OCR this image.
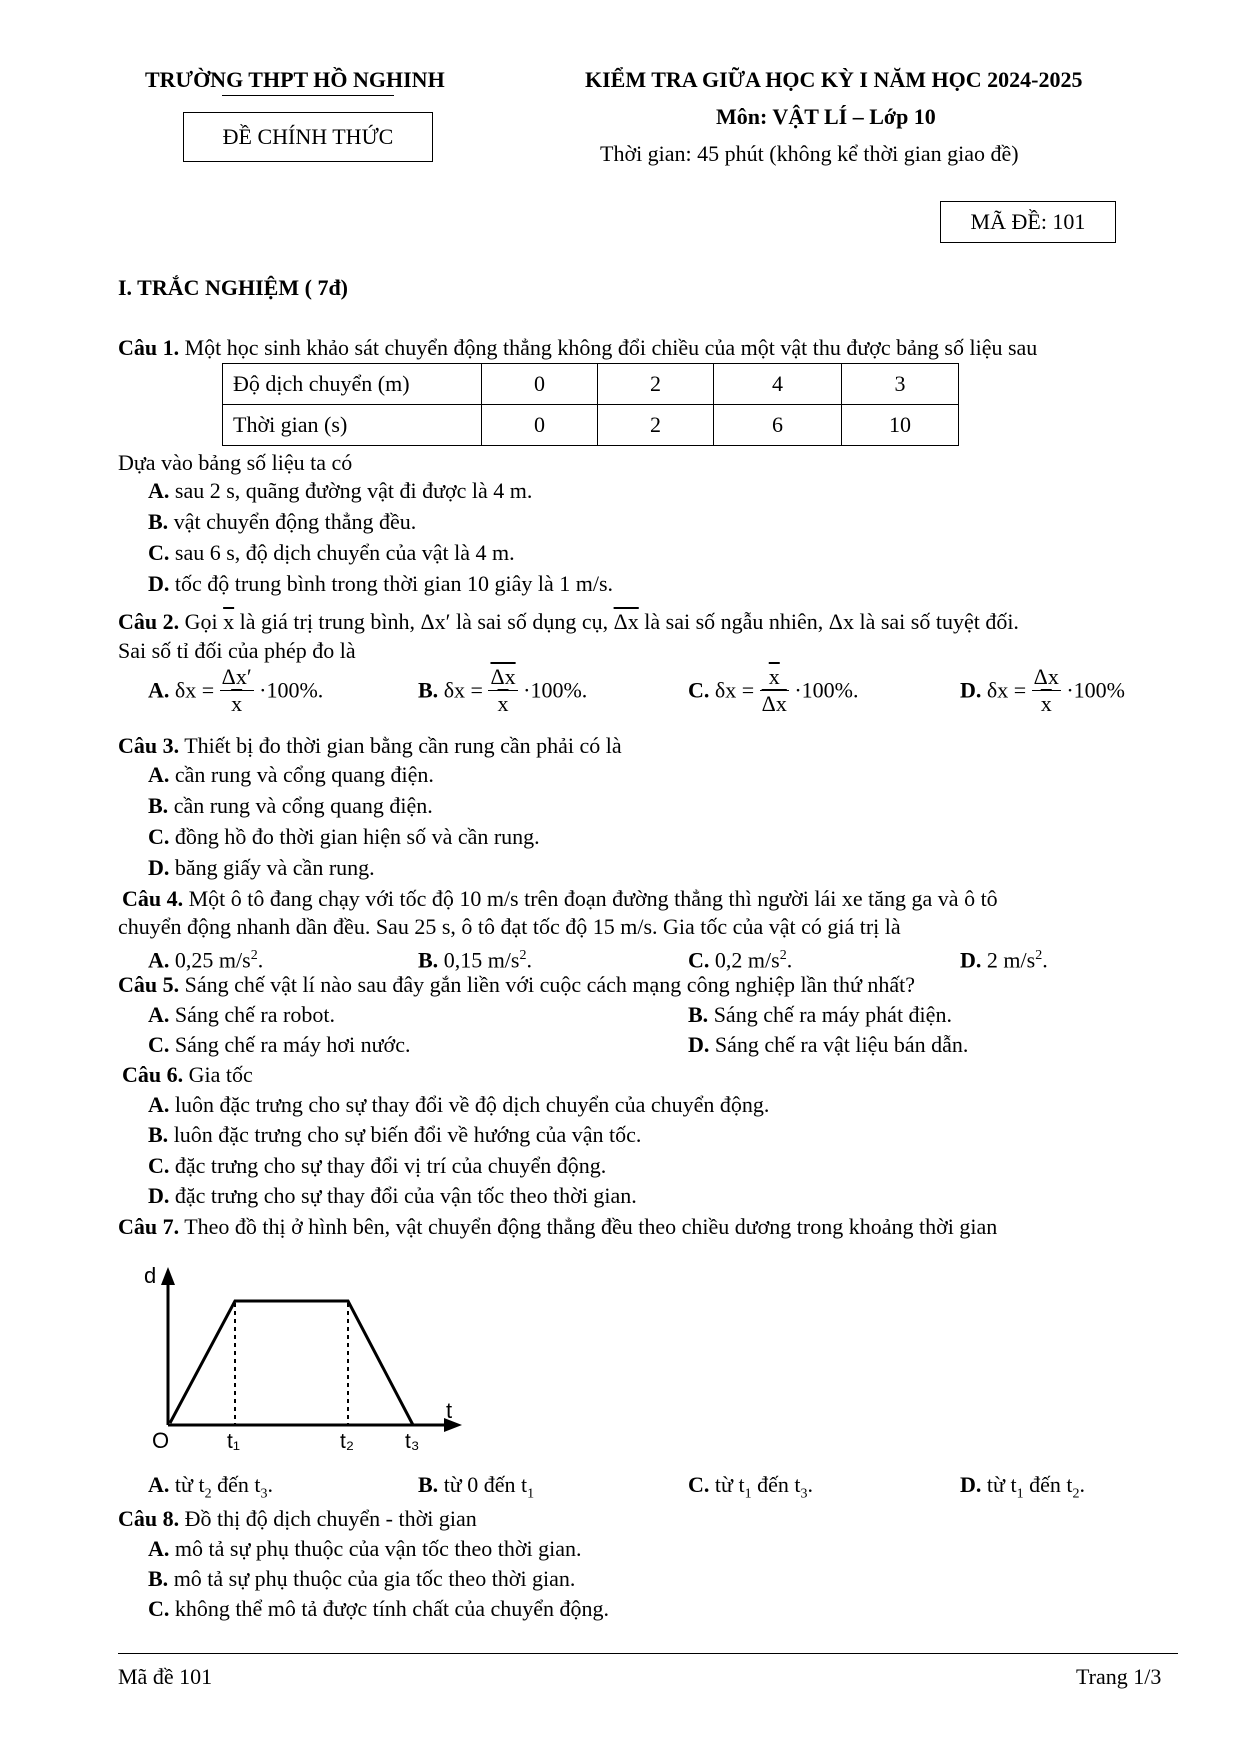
TRƯỜNG THPT HỒ NGHINH
ĐỀ CHÍNH THỨC
KIỂM TRA GIỮA HỌC KỲ I NĂM HỌC 2024-2025
Môn: VẬT LÍ – Lớp 10
Thời gian: 45 phút (không kể thời gian giao đề)
MÃ ĐỀ: 101
I. TRẮC NGHIỆM ( 7đ)
Câu 1. Một học sinh khảo sát chuyển động thẳng không đổi chiều của một vật thu được bảng số liệu sau
Độ dịch chuyển (m)	0	2	4	3
Thời gian (s)	0	2	6	10
Dựa vào bảng số liệu ta có
A. sau 2 s, quãng đường vật đi được là 4 m.
B. vật chuyển động thẳng đều.
C. sau 6 s, độ dịch chuyển của vật là 4 m.
D. tốc độ trung bình trong thời gian 10 giây là 1 m/s.
Câu 2. Gọi $\overline{x}$ là giá trị trung bình, Δx′ là sai số dụng cụ, $\overline{\Delta x}$ là sai số ngẫu nhiên, Δx là sai số tuyệt đối.
Sai số tỉ đối của phép đo là
A. $\delta x = \frac{\Delta x'}{x} \cdot 100\%$.	B. $\delta x = \frac{\overline{\Delta x}}{x} \cdot 100\%$.	C. $\delta x = \frac{\overline{x}}{\Delta x} \cdot 100\%$.	D. $\delta x = \frac{\Delta x}{x} \cdot 100\%$
Câu 3. Thiết bị đo thời gian bằng cần rung cần phải có là
A. cần rung và cổng quang điện.
B. cần rung và cổng quang điện.
C. đồng hồ đo thời gian hiện số và cần rung.
D. băng giấy và cần rung.
Câu 4. Một ô tô đang chạy với tốc độ 10 m/s trên đoạn đường thẳng thì người lái xe tăng ga và ô tô
chuyển động nhanh dần đều. Sau 25 s, ô tô đạt tốc độ 15 m/s. Gia tốc của vật có giá trị là
A. 0,25 $m/s^2$.	B. 0,15 $m/s^2$.	C. 0,2 $m/s^2$.	D. 2 $m/s^2$.
Câu 5. Sáng chế vật lí nào sau đây gắn liền với cuộc cách mạng công nghiệp lần thứ nhất?
A. Sáng chế ra robot.	B. Sáng chế ra máy phát điện.
C. Sáng chế ra máy hơi nước.	D. Sáng chế ra vật liệu bán dẫn.
Câu 6. Gia tốc
A. luôn đặc trưng cho sự thay đổi về độ dịch chuyển của chuyển động.
B. luôn đặc trưng cho sự biến đổi về hướng của vận tốc.
C. đặc trưng cho sự thay đổi vị trí của chuyển động.
D. đặc trưng cho sự thay đổi của vận tốc theo thời gian.
Câu 7. Theo đồ thị ở hình bên, vật chuyển động thẳng đều theo chiều dương trong khoảng thời gian
d
t
O	t₁	t₂ t₃
A. từ $t_2$ đến $t_3$.	B. từ 0 đến $t_1$	C. từ $t_1$ đến $t_3$.	D. từ $t_1$ đến $t_2$.
Câu 8. Đồ thị độ dịch chuyển - thời gian
A. mô tả sự phụ thuộc của vận tốc theo thời gian.
B. mô tả sự phụ thuộc của gia tốc theo thời gian.
C. không thể mô tả được tính chất của chuyển động.
Mã đề 101	Trang 1/3
